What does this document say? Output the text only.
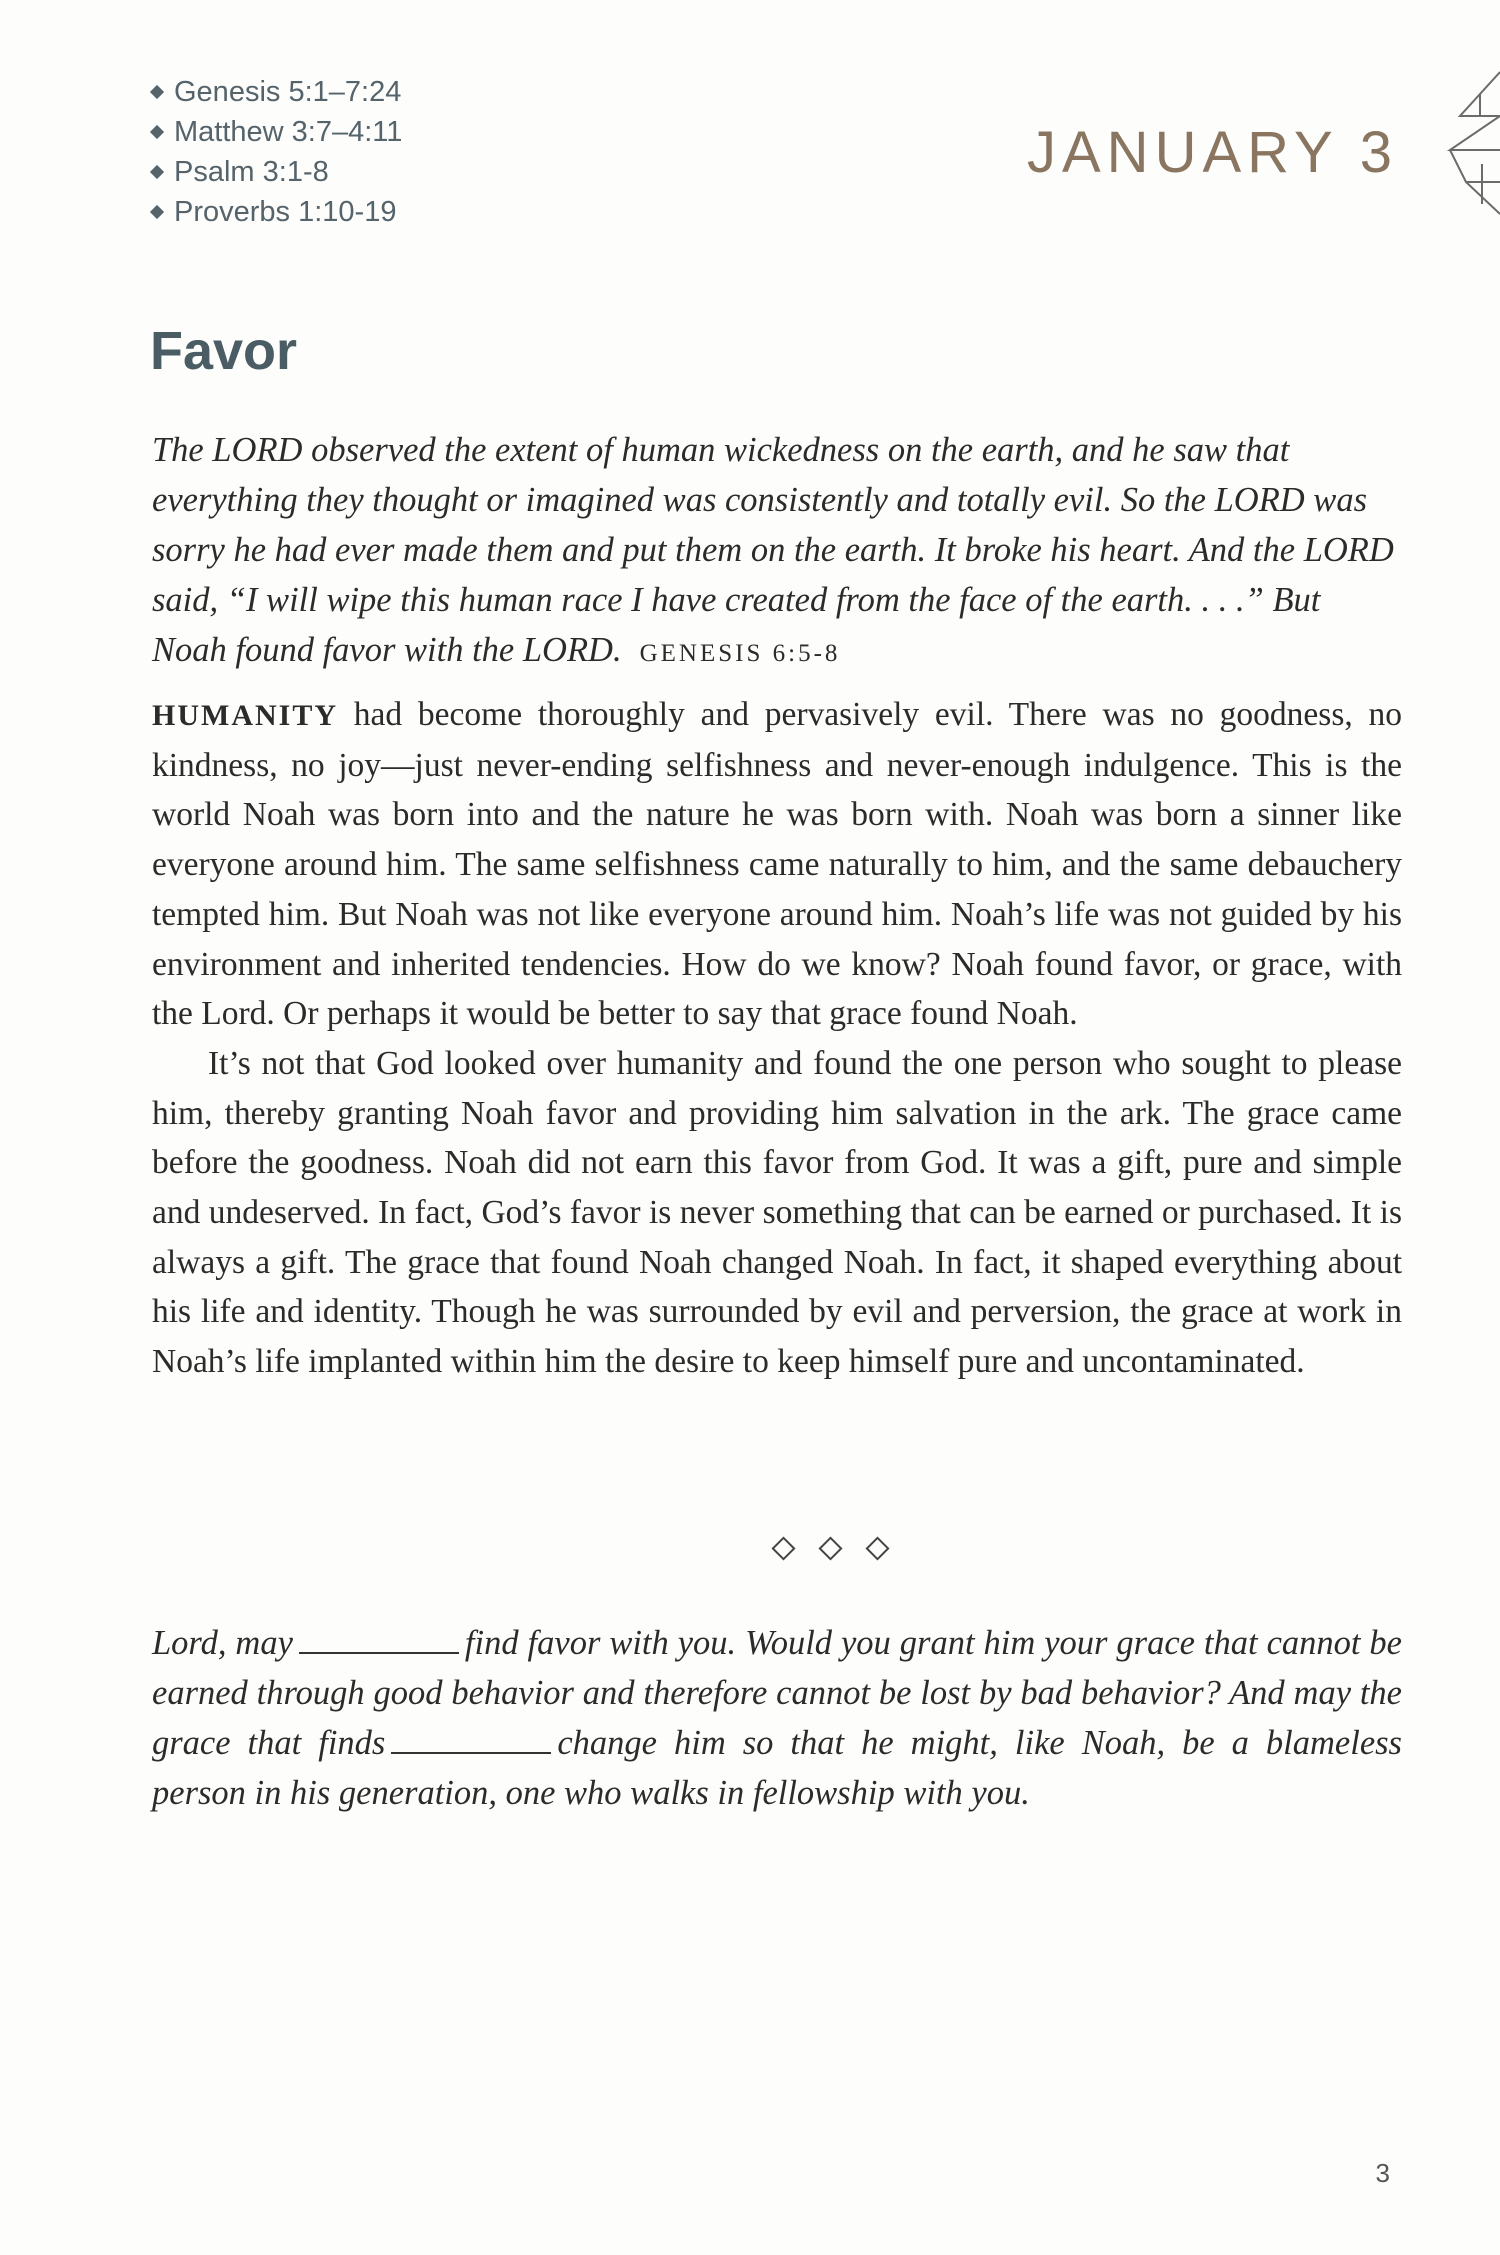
Genesis 5:1–7:24
Matthew 3:7–4:11
Psalm 3:1-8
Proverbs 1:10-19
JANUARY 3
Favor

The LORD observed the extent of human wickedness on the earth, and he saw that everything they thought or imagined was consistently and totally evil. So the LORD was sorry he had ever made them and put them on the earth. It broke his heart. And the LORD said, “I will wipe this human race I have created from the face of the earth. . . .” But Noah found favor with the LORD. GENESIS 6:5-8

HUMANITY had become thoroughly and pervasively evil. There was no goodness, no kindness, no joy—just never-ending selfishness and never-enough indulgence. This is the world Noah was born into and the nature he was born with. Noah was born a sinner like everyone around him. The same selfishness came naturally to him, and the same debauchery tempted him. But Noah was not like everyone around him. Noah’s life was not guided by his environment and inherited tendencies. How do we know? Noah found favor, or grace, with the Lord. Or perhaps it would be better to say that grace found Noah.

It’s not that God looked over humanity and found the one person who sought to please him, thereby granting Noah favor and providing him salvation in the ark. The grace came before the goodness. Noah did not earn this favor from God. It was a gift, pure and simple and undeserved. In fact, God’s favor is never something that can be earned or purchased. It is always a gift. The grace that found Noah changed Noah. In fact, it shaped everything about his life and identity. Though he was surrounded by evil and perversion, the grace at work in Noah’s life implanted within him the desire to keep himself pure and uncontaminated.

Lord, may	find favor with you. Would you grant him your grace that cannot be earned through good behavior and therefore cannot be lost by bad behavior? And may the grace that finds	change him so that he might, like Noah, be a blameless person in his generation, one who walks in fellowship with you.

3
